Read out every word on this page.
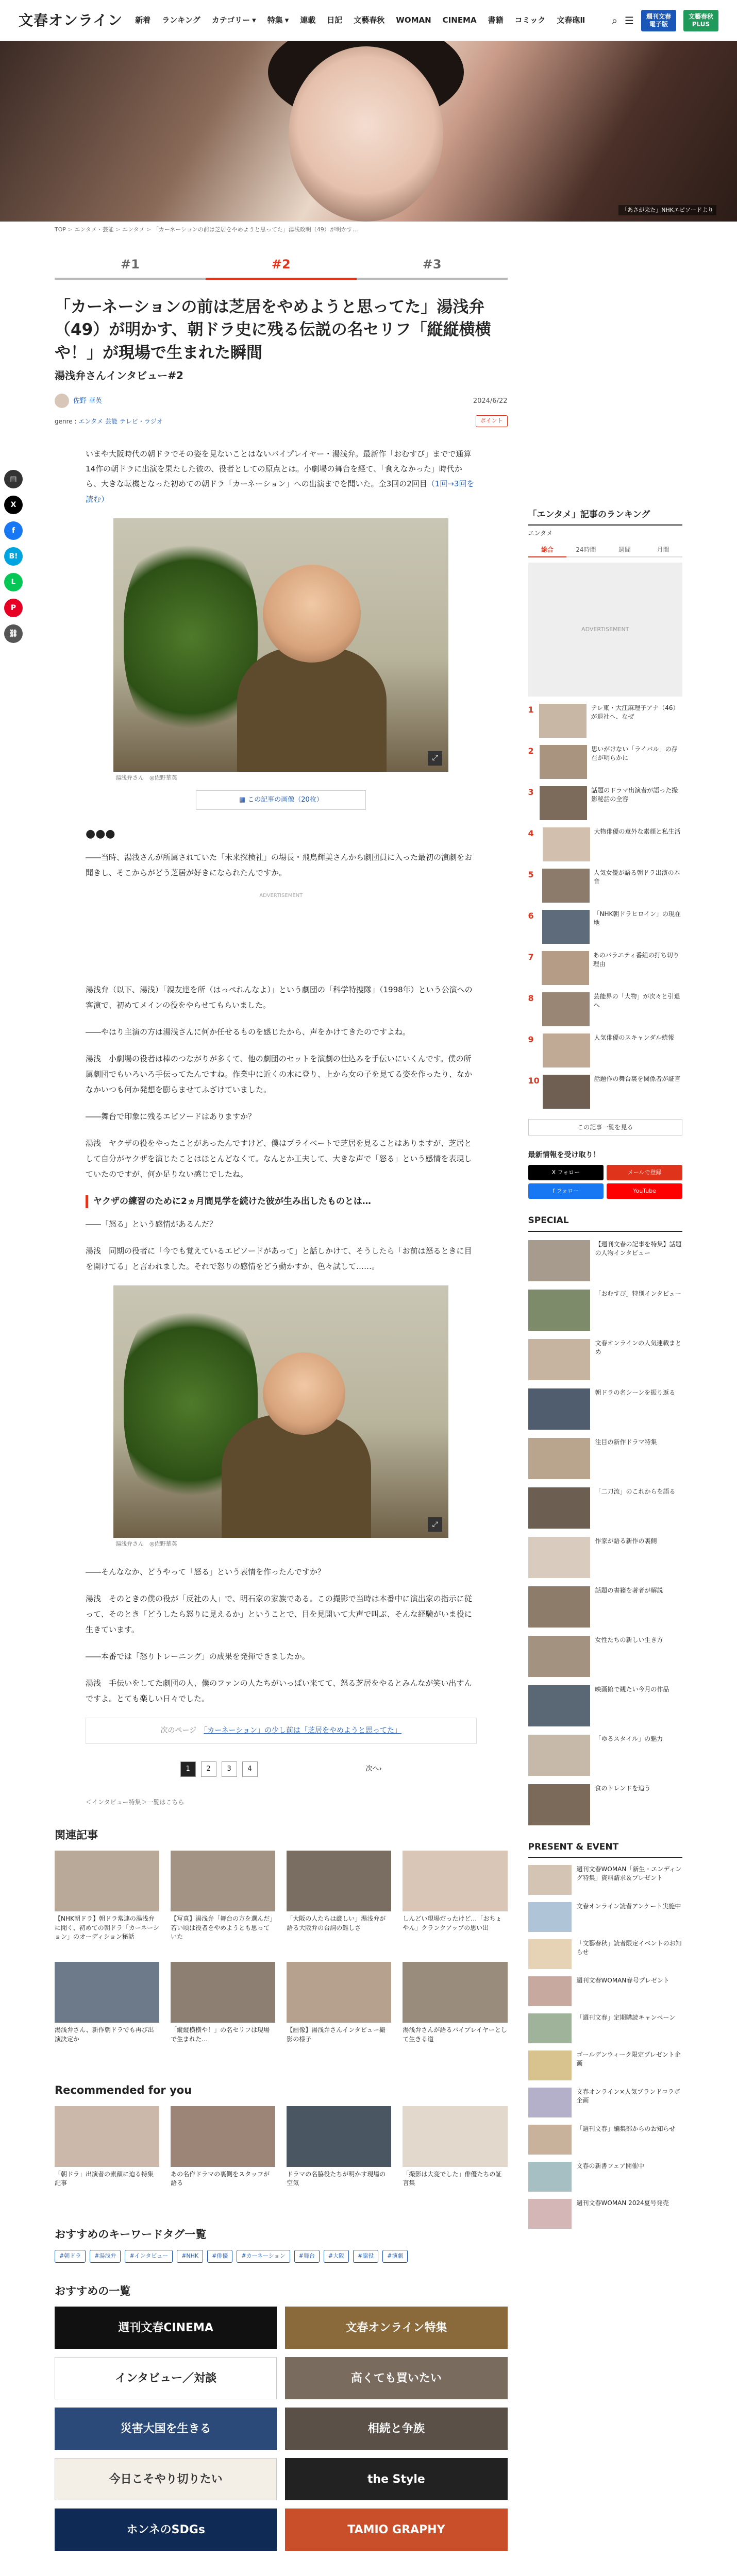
文春オンライン 新着 ランキング カテゴリー ▾ 特集 ▾ 連載 日記 文藝春秋 WOMAN CINEMA 書籍 コミック 文春砲Ⅱ	⌕ ☰	週刊文春
電子版
文藝春秋
PLUS
「あさが来た」NHKエピソードより
TOP > エンタメ・芸能 > エンタメ > 「カーネーションの前は芝居をやめようと思ってた」湯浅政明（49）が明かす…
▤
X
f
B!
L
P
⛓
#1	#2	#3
「カーネーションの前は芝居をやめようと思ってた」湯浅弁（49）が明かす、朝ドラ史に残る伝説の名セリフ「縦縦横横や！」が現場で生まれた瞬間
湯浅弁さんインタビュー#2
佐野 華英	2024/6/22
genre : エンタメ 芸能 テレビ・ラジオ	ポイント

いまや大阪時代の朝ドラでその姿を見ないことはないバイプレイヤー・湯浅弁。最新作「おむすび」までで通算14作の朝ドラに出演を果たした彼の、役者としての原点とは。小劇場の舞台を経て、「食えなかった」時代から、大きな転機となった初めての朝ドラ「カーネーション」への出演までを聞いた。全3回の2回目（1回→3回を読む）

⤢
湯浅弁さん　◎佐野華英
▦ この記事の画像（20枚）
●●●

――当時、湯浅さんが所属されていた「未来探検社」の場長・飛鳥輝美さんから劇団員に入った最初の演劇をお聞きし、そこからがどう芝居が好きになられたんですか。

ADVERTISEMENT

湯浅弁（以下、湯浅）「親友達を所（はっぺれんなよ）」という劇団の「科学特捜隊」（1998年）という公演への客演で、初めてメインの役をやらせてもらいました。

――やはり主演の方は湯浅さんに何か任せるものを感じたから、声をかけてきたのですよね。

湯浅　小劇場の役者は棒のつながりが多くて、他の劇団のセットを演劇の仕込みを手伝いにいくんです。僕の所属劇団でもいろいろ手伝ってたんですね。作業中に近くの木に登り、上から女の子を見てる姿を作ったり、なかなかいつも何か発想を膨らませてふざけていました。

――舞台で印象に残るエピソードはありますか？

湯浅　ヤクザの役をやったことがあったんですけど、僕はプライベートで芝居を見ることはありますが、芝居として自分がヤクザを演じたことはほとんどなくて。なんとか工夫して、大きな声で「怒る」という感情を表現していたのですが、何か足りない感じでしたね。

ヤクザの練習のために2ヵ月間見学を続けた彼が生み出したものとは…

――「怒る」という感情があるんだ？

湯浅　同期の役者に「今でも覚えているエピソードがあって」と話しかけて、そうしたら「お前は怒るときに目を開けてる」と言われました。それで怒りの感情をどう動かすか、色々試して……。

⤢
湯浅弁さん　◎佐野華英

――そんななか、どうやって「怒る」という表情を作ったんですか？

湯浅　そのときの僕の役が「反社の人」で、明石家の家族である。この撮影で当時は本番中に演出家の指示に従って、そのとき「どうしたら怒りに見えるか」ということで、目を見開いて大声で叫ぶ、そんな経験がいま役に生きています。

――本番では「怒りトレーニング」の成果を発揮できましたか。

湯浅　手伝いをしてた劇団の人、僕のファンの人たちがいっぱい来てて、怒る芝居をやるとみんなが笑い出すんですよ。とても楽しい日々でした。

次のページ　 「カーネーション」の少し前は「芝居をやめようと思ってた」
1	2	3	4	次へ ›
＜インタビュー特集＞一覧はこちら
関連記事
【NHK朝ドラ】朝ドラ常連の湯浅弁に聞く、初めての朝ドラ「カーネーション」のオーディション秘話
【写真】湯浅弁「舞台の方を選んだ」若い頃は役者をやめようとも思っていた
「大阪の人たちは厳しい」湯浅弁が語る大阪弁の台詞の難しさ
しんどい現場だったけど…「おちょやん」クランクアップの思い出
湯浅弁さん、新作朝ドラでも再び出演決定か
「縦縦横横や！」の名セリフは現場で生まれた…
【画像】湯浅弁さんインタビュー撮影の様子
湯浅弁さんが語るバイプレイヤーとして生きる道
Recommended for you
「朝ドラ」出演者の素顔に迫る特集記事
あの名作ドラマの裏側をスタッフが語る
ドラマの名脇役たちが明かす現場の空気
「撮影は大変でした」俳優たちの証言集
おすすめのキーワードタグ一覧
#朝ドラ	#湯浅弁	#インタビュー	#NHK	#俳優	#カーネーション	#舞台	#大阪	#脇役	#演劇
おすすめの一覧
週刊文春CINEMA	文春オンライン特集
インタビュー／対談	高くても買いたい
災害大国を生きる	相続と争族
今日こそやり切りたい	the Style
ホンネのSDGs	TAMIO GRAPHY
「エンタメ」記事のランキング
エンタメ
総合	24時間	週間	月間
ADVERTISEMENT
1	テレ東・大江麻理子アナ（46）が退社へ、なぜ
2	思いがけない「ライバル」の存在が明らかに
3	話題のドラマ出演者が語った撮影秘話の全容
4	大物俳優の意外な素顔と私生活
5	人気女優が語る朝ドラ出演の本音
6	「NHK朝ドラヒロイン」の現在地
7	あのバラエティ番組の打ち切り理由
8	芸能界の「大物」が次々と引退へ
9	人気俳優のスキャンダル続報
10	話題作の舞台裏を関係者が証言
この記事一覧を見る
最新情報を受け取り！
X フォロー	メールで登録
f フォロー	YouTube
SPECIAL
【週刊文春の記事を特集】話題の人物インタビュー
「おむすび」特別インタビュー
文春オンラインの人気連載まとめ
朝ドラの名シーンを振り返る
注目の新作ドラマ特集
「二刀流」のこれからを語る
作家が語る新作の裏側
話題の書籍を著者が解説
女性たちの新しい生き方
映画館で観たい今月の作品
「ゆるスタイル」の魅力
食のトレンドを追う
PRESENT & EVENT
週刊文春WOMAN「新生・エンディング特集」資料請求＆プレゼント
文春オンライン読者アンケート実施中
「文藝春秋」読者限定イベントのお知らせ
週刊文春WOMAN春号プレゼント
「週刊文春」定期購読キャンペーン
ゴールデンウィーク限定プレゼント企画
文春オンライン×人気ブランドコラボ企画
「週刊文春」編集部からのお知らせ
文春の新書フェア開催中
週刊文春WOMAN 2024夏号発売
